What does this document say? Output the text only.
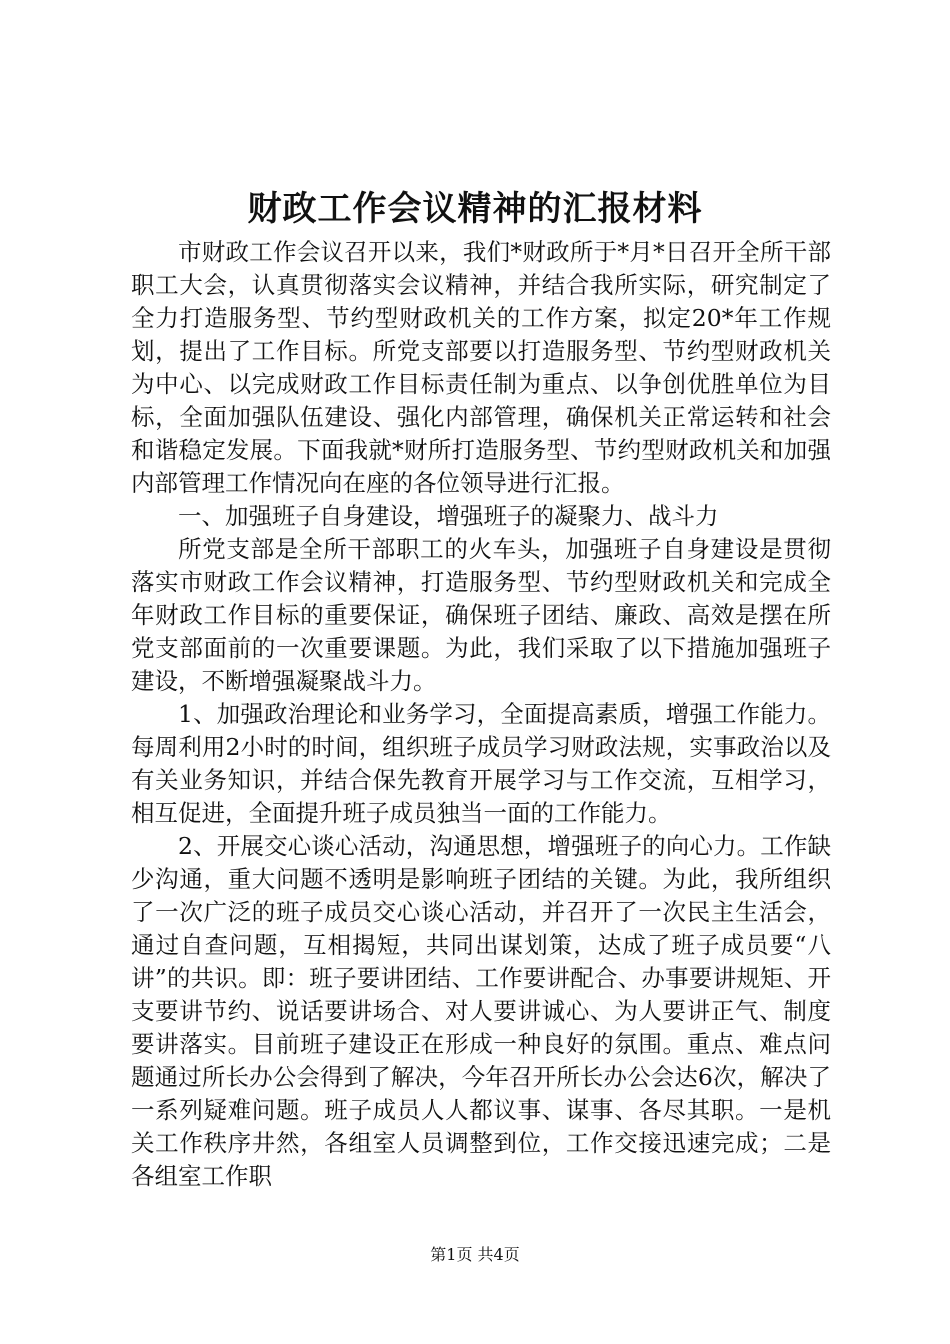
财政工作会议精神的汇报材料

市财政工作会议召开以来，我们*财政所于*月*日召开全所干部职工大会，认真贯彻落实会议精神，并结合我所实际，研究制定了全力打造服务型、节约型财政机关的工作方案，拟定20*年工作规划，提出了工作目标。所党支部要以打造服务型、节约型财政机关为中心、以完成财政工作目标责任制为重点、以争创优胜单位为目标，全面加强队伍建设、强化内部管理，确保机关正常运转和社会和谐稳定发展。下面我就*财所打造服务型、节约型财政机关和加强内部管理工作情况向在座的各位领导进行汇报。

一、加强班子自身建设，增强班子的凝聚力、战斗力

所党支部是全所干部职工的火车头，加强班子自身建设是贯彻落实市财政工作会议精神，打造服务型、节约型财政机关和完成全年财政工作目标的重要保证，确保班子团结、廉政、高效是摆在所党支部面前的一次重要课题。为此，我们采取了以下措施加强班子建设，不断增强凝聚战斗力。

1、加强政治理论和业务学习，全面提高素质，增强工作能力。每周利用2小时的时间，组织班子成员学习财政法规，实事政治以及有关业务知识，并结合保先教育开展学习与工作交流，互相学习，相互促进，全面提升班子成员独当一面的工作能力。

2、开展交心谈心活动，沟通思想，增强班子的向心力。工作缺少沟通，重大问题不透明是影响班子团结的关键。为此，我所组织了一次广泛的班子成员交心谈心活动，并召开了一次民主生活会，通过自查问题，互相揭短，共同出谋划策，达成了班子成员要“八讲”的共识。即：班子要讲团结、工作要讲配合、办事要讲规矩、开支要讲节约、说话要讲场合、对人要讲诚心、为人要讲正气、制度要讲落实。目前班子建设正在形成一种良好的氛围。重点、难点问题通过所长办公会得到了解决，今年召开所长办公会达6次，解决了一系列疑难问题。班子成员人人都议事、谋事、各尽其职。一是机关工作秩序井然，各组室人员调整到位，工作交接迅速完成；二是各组室工作职

第1页 共4页
